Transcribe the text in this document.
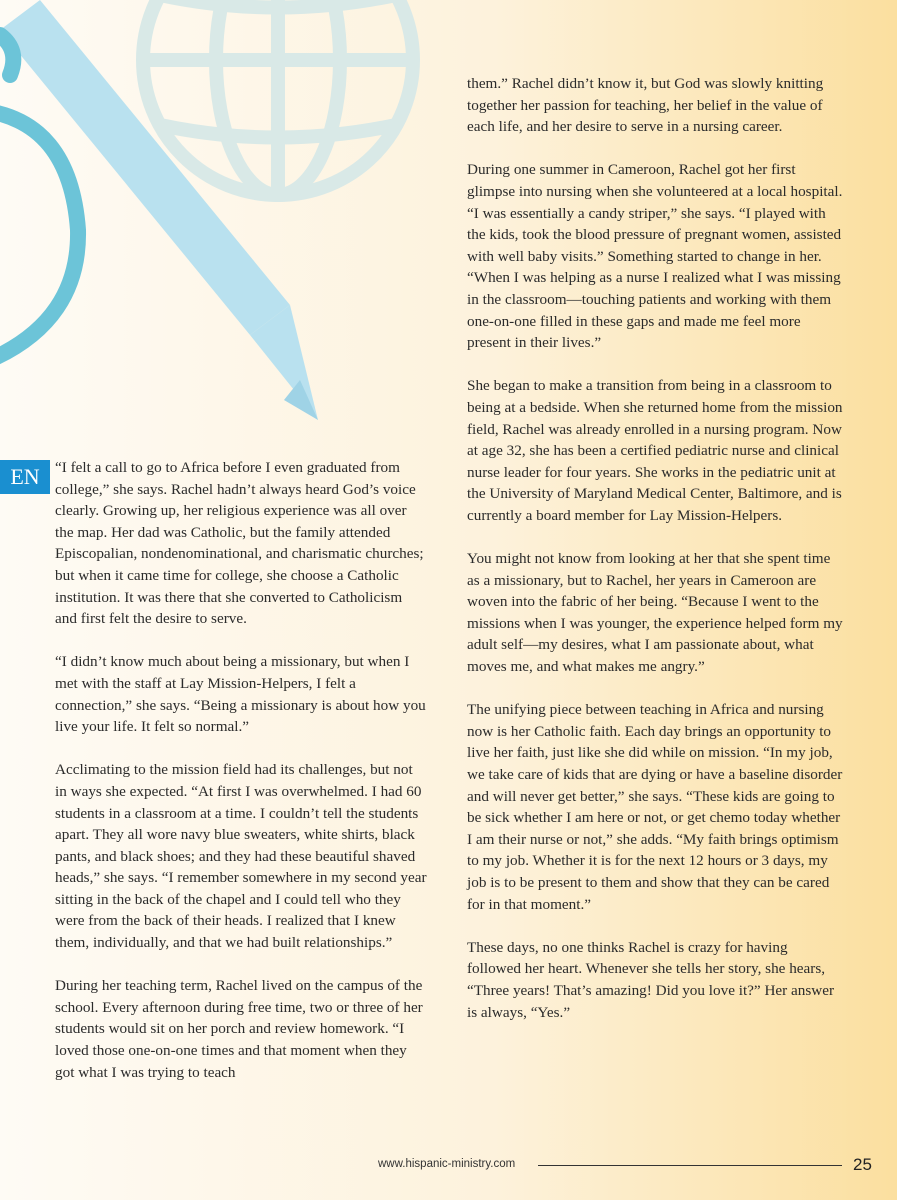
EN	“I felt a call to go to Africa before I even graduated from college,” she says. Rachel hadn’t always heard God’s voice clearly. Growing up, her religious experience was all over the map. Her dad was Catholic, but the family attended Episcopalian, nondenominational, and charismatic churches; but when it came time for college, she choose a Catholic institution. It was there that she converted to Catholicism and first felt the desire to serve.

“I didn’t know much about being a missionary, but when I met with the staff at Lay Mission-Helpers, I felt a connection,” she says. “Being a missionary is about how you live your life. It felt so normal.”

Acclimating to the mission field had its challenges, but not in ways she expected. “At first I was overwhelmed. I had 60 students in a classroom at a time. I couldn’t tell the students apart. They all wore navy blue sweaters, white shirts, black pants, and black shoes; and they had these beautiful shaved heads,” she says. “I remember somewhere in my second year sitting in the back of the chapel and I could tell who they were from the back of their heads. I realized that I knew them, individually, and that we had built relationships.”

During her teaching term, Rachel lived on the campus of the school. Every afternoon during free time, two or three of her students would sit on her porch and review homework. “I loved those one-on-one times and that moment when they got what I was trying to teach

them.” Rachel didn’t know it, but God was slowly knitting together her passion for teaching, her belief in the value of each life, and her desire to serve in a nursing career.

During one summer in Cameroon, Rachel got her first glimpse into nursing when she volunteered at a local hospital. “I was essentially a candy striper,” she says. “I played with the kids, took the blood pressure of pregnant women, assisted with well baby visits.” Something started to change in her. “When I was helping as a nurse I realized what I was missing in the classroom—touching patients and working with them one-on-one filled in these gaps and made me feel more present in their lives.”

She began to make a transition from being in a classroom to being at a bedside. When she returned home from the mission field, Rachel was already enrolled in a nursing program. Now at age 32, she has been a certified pediatric nurse and clinical nurse leader for four years. She works in the pediatric unit at the University of Maryland Medical Center, Baltimore, and is currently a board member for Lay Mission-Helpers.

You might not know from looking at her that she spent time as a missionary, but to Rachel, her years in Cameroon are woven into the fabric of her being. “Because I went to the missions when I was younger, the experience helped form my adult self—my desires, what I am passionate about, what moves me, and what makes me angry.”

The unifying piece between teaching in Africa and nursing now is her Catholic faith. Each day brings an opportunity to live her faith, just like she did while on mission. “In my job, we take care of kids that are dying or have a baseline disorder and will never get better,” she says. “These kids are going to be sick whether I am here or not, or get chemo today whether I am their nurse or not,” she adds. “My faith brings optimism to my job. Whether it is for the next 12 hours or 3 days, my job is to be present to them and show that they can be cared for in that moment.”

These days, no one thinks Rachel is crazy for having followed her heart. Whenever she tells her story, she hears, “Three years! That’s amazing! Did you love it?” Her answer is always, “Yes.”

www.hispanic-ministry.com	25
